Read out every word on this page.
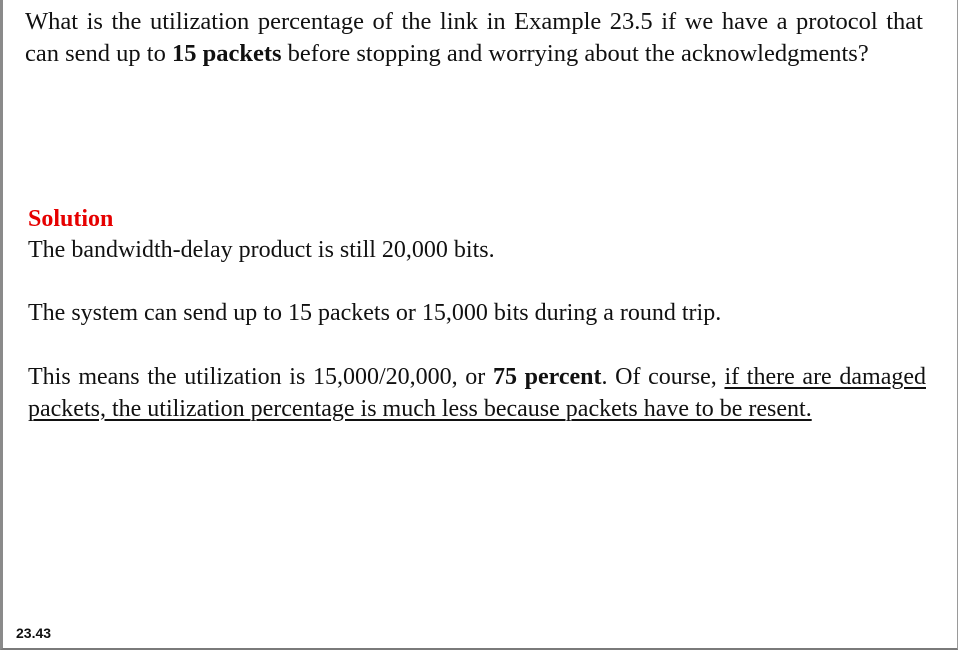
What is the utilization percentage of the link in Example 23.5 if we have a protocol that can send up to 15 packets before stopping and worrying about the acknowledgments?

Solution

The bandwidth-delay product is still 20,000 bits.

The system can send up to 15 packets or 15,000 bits during a round trip.

This means the utilization is 15,000/20,000, or 75 percent. Of course, if there are damaged packets, the utilization percentage is much less because packets have to be resent.

23.43
